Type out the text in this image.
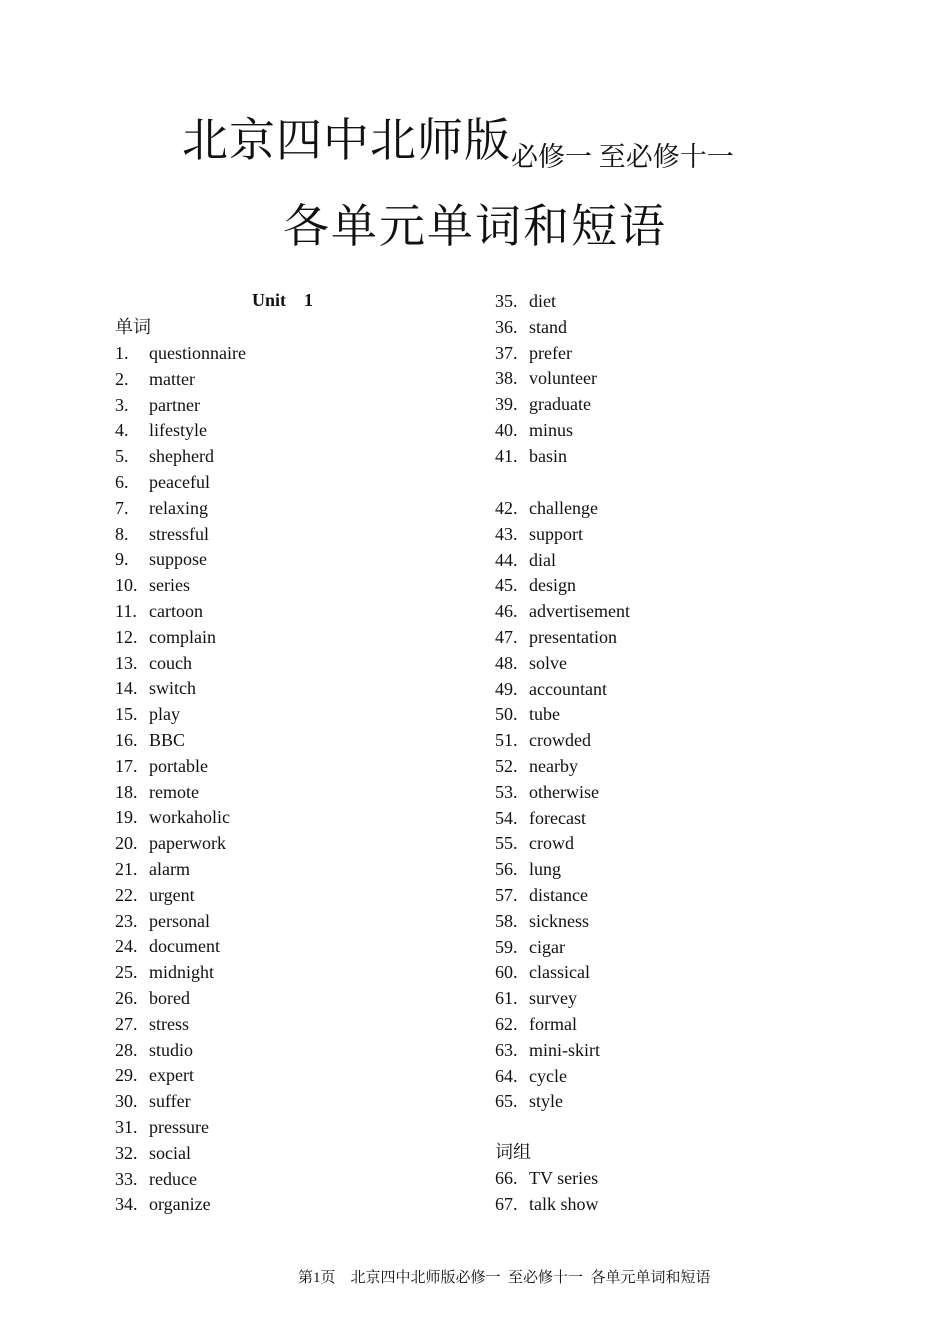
北京四中北师版必修一 至必修十一
各单元单词和短语
Unit    1
单词
1. questionnaire
2. matter
3. partner
4. lifestyle
5. shepherd
6. peaceful
7. relaxing
8. stressful
9. suppose
10. series
11. cartoon
12. complain
13. couch
14. switch
15. play
16. BBC
17. portable
18. remote
19. workaholic
20. paperwork
21. alarm
22. urgent
23. personal
24. document
25. midnight
26. bored
27. stress
28. studio
29. expert
30. suffer
31. pressure
32. social
33. reduce
34. organize
35. diet
36. stand
37. prefer
38. volunteer
39. graduate
40. minus
41. basin
42. challenge
43. support
44. dial
45. design
46. advertisement
47. presentation
48. solve
49. accountant
50. tube
51. crowded
52. nearby
53. otherwise
54. forecast
55. crowd
56. lung
57. distance
58. sickness
59. cigar
60. classical
61. survey
62. formal
63. mini-skirt
64. cycle
65. style
66. TV series
67. talk show
词组
第1页    北京四中北师版必修一  至必修十一  各单元单词和短语
